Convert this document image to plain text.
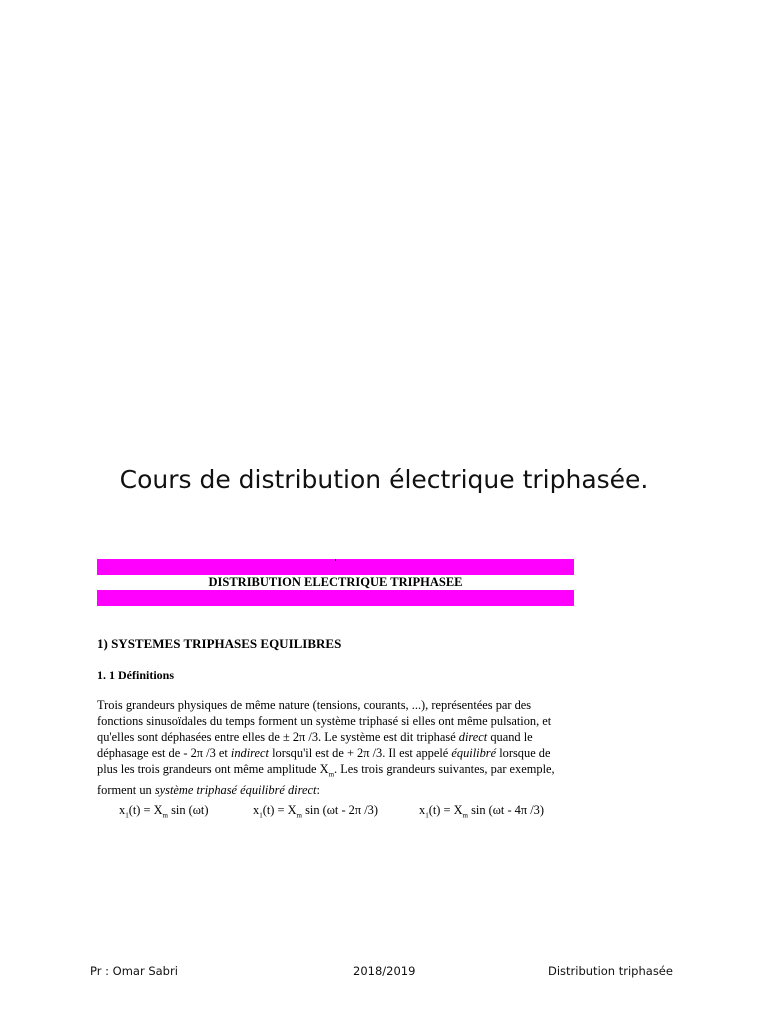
Cours de distribution électrique triphasée.
DISTRIBUTION ELECTRIQUE TRIPHASEE
1) SYSTEMES TRIPHASES EQUILIBRES
1. 1 Définitions
Trois grandeurs physiques de même nature (tensions, courants, ...), représentées par des
fonctions sinusoïdales du temps forment un système triphasé si elles ont même pulsation, et
qu'elles sont déphasées entre elles de ± 2π /3. Le système est dit triphasé direct quand le
déphasage est de - 2π /3 et indirect lorsqu'il est de + 2π /3. Il est appelé équilibré lorsque de
plus les trois grandeurs ont même amplitude $X_m$. Les trois grandeurs suivantes, par exemple,
forment un système triphasé équilibré direct:
$x_1(t) = X_m$ sin (ωt)	$x_1(t) = X_m$ sin (ωt - 2π /3)	$x_1(t) = X_m$ sin (ωt - 4π /3)
Pr : Omar Sabri	2018/2019	Distribution triphasée
